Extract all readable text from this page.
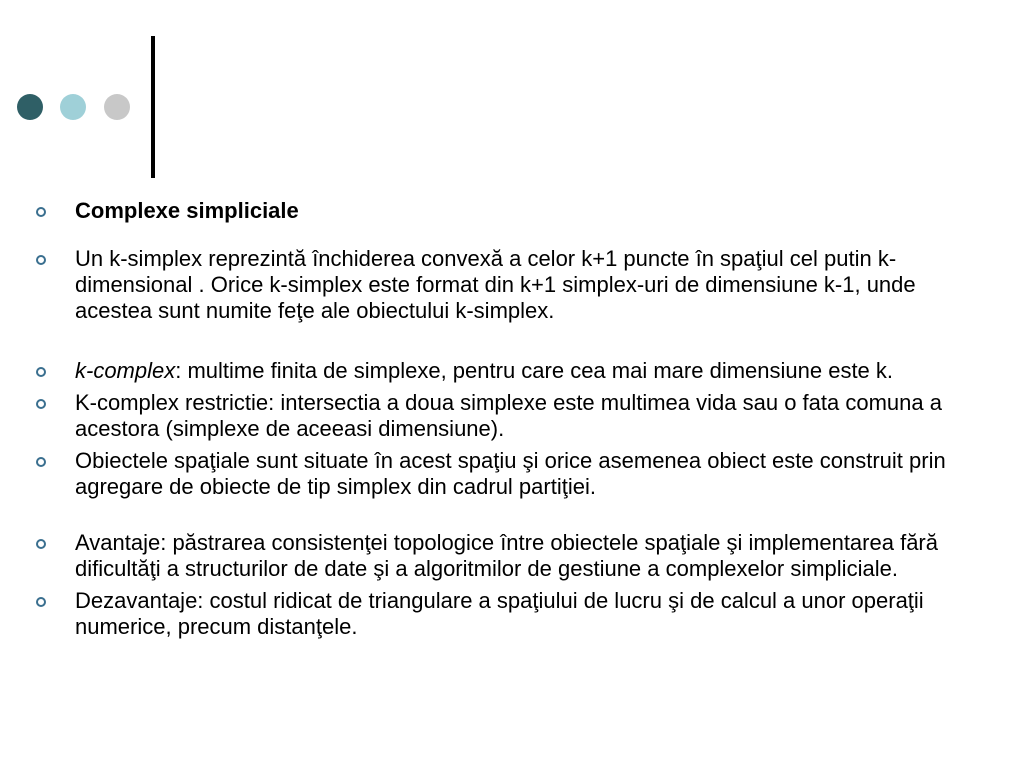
Complexe simpliciale
Un k-simplex reprezintă închiderea convexă a celor k+1 puncte în spaţiul cel putin k-dimensional . Orice k-simplex este format din k+1 simplex-uri de dimensiune k-1, unde acestea sunt numite feţe ale obiectului k-simplex.
k-complex: multime finita de simplexe, pentru care cea mai mare dimensiune este k.
K-complex restrictie: intersectia a doua simplexe este multimea vida sau o fata comuna a acestora (simplexe de aceeasi dimensiune).
Obiectele spaţiale sunt situate în acest spaţiu şi orice asemenea obiect este construit prin agregare de obiecte de tip simplex din cadrul partiţiei.
Avantaje: păstrarea consistenţei topologice între obiectele spaţiale şi implementarea fără dificultăţi a structurilor de date şi a algoritmilor de gestiune a complexelor simpliciale.
Dezavantaje: costul ridicat de triangulare a spaţiului de lucru şi de calcul a unor operaţii numerice, precum distanţele.
